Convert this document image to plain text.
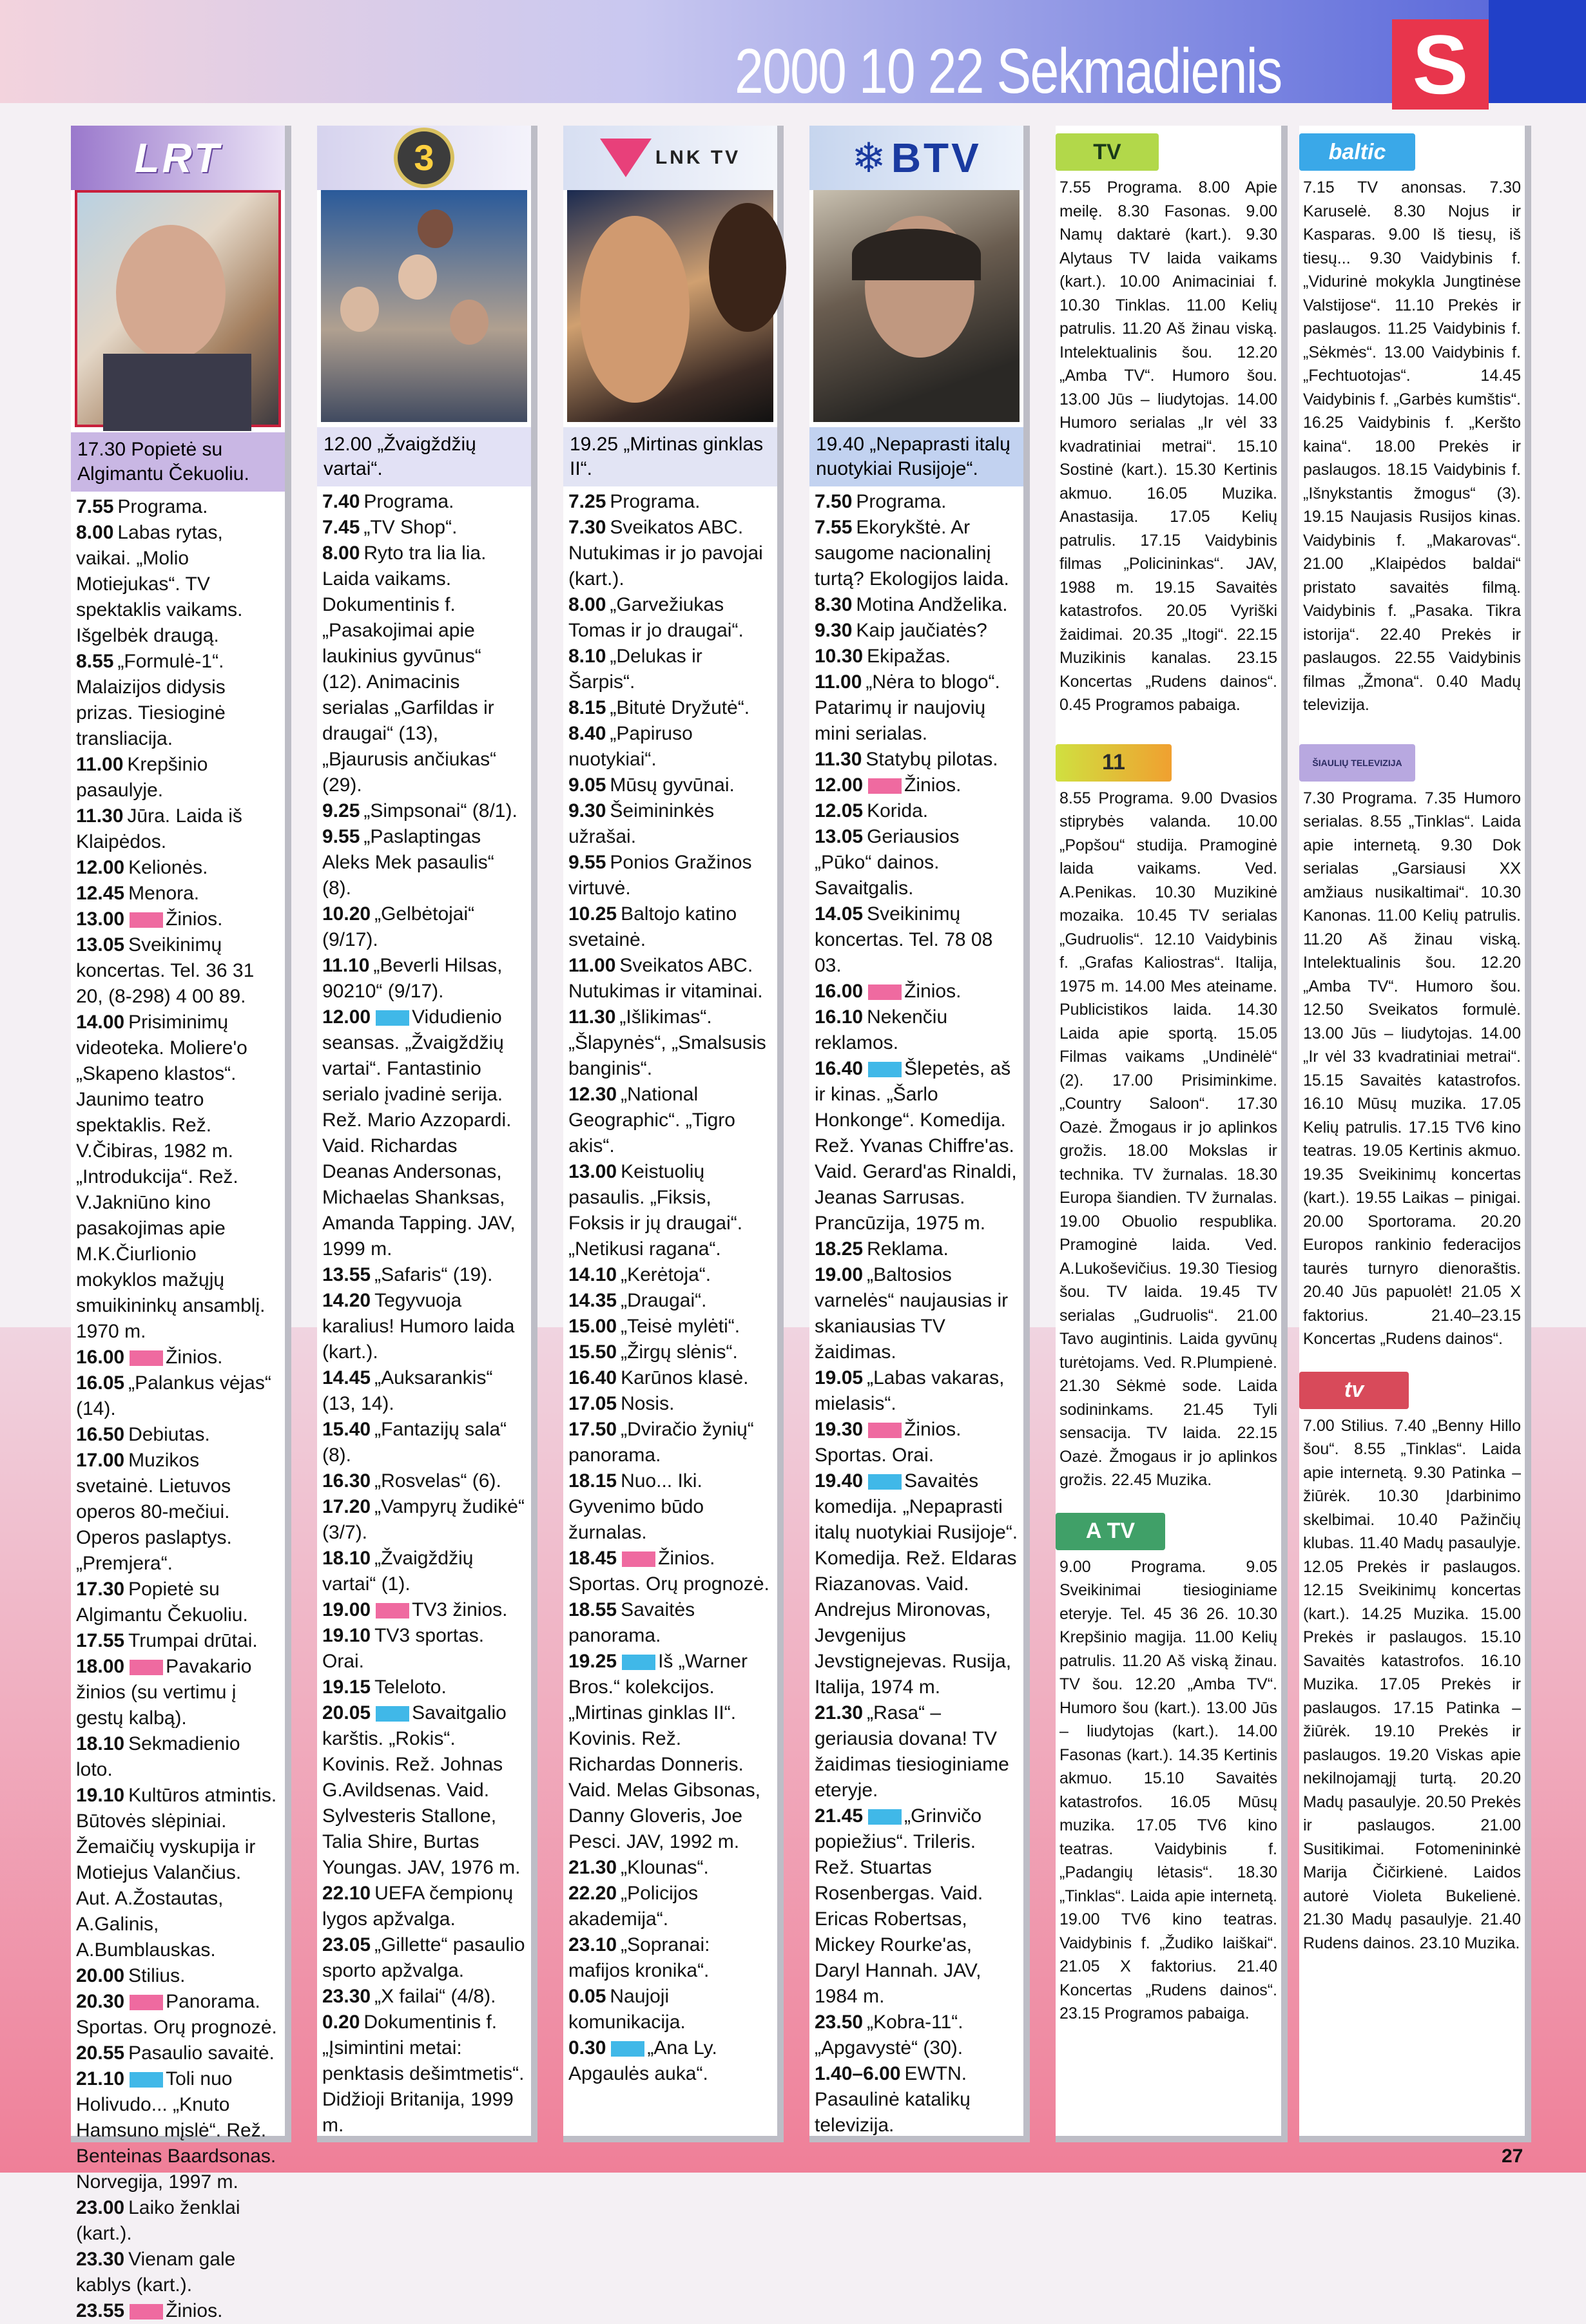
2000 10 22 Sekmadienis S
LRT
17.30 Popietė su Algimantu Čekuoliu.
7.55 Programa.
8.00 Labas rytas, vaikai. „Molio Motiejukas“. TV spektaklis vaikams. Išgelbėk draugą.
8.55 „Formulė-1“. Malaizijos didysis prizas. Tiesioginė transliacija.
11.00 Krepšinio pasaulyje.
11.30 Jūra. Laida iš Klaipėdos.
12.00 Kelionės.
12.45 Menora.
13.00 Žinios.
13.05 Sveikinimų koncertas. Tel. 36 31 20, (8-298) 4 00 89.
14.00 Prisiminimų videoteka. Moliere'o „Skapeno klastos“. Jaunimo teatro spektaklis. Rež. V.Čibiras, 1982 m. „Introdukcija“. Rež. V.Jakniūno kino pasakojimas apie M.K.Čiurlionio mokyklos mažųjų smuikininkų ansamblį. 1970 m.
16.00 Žinios.
16.05 „Palankus vėjas“ (14).
16.50 Debiutas.
17.00 Muzikos svetainė. Lietuvos operos 80-mečiui. Operos paslaptys. „Premjera“.
17.30 Popietė su Algimantu Čekuoliu.
17.55 Trumpai drūtai.
18.00 Pavakario žinios (su vertimu į gestų kalbą).
18.10 Sekmadienio loto.
19.10 Kultūros atmintis. Būtovės slėpiniai. Žemaičių vyskupija ir Motiejus Valančius. Aut. A.Žostautas, A.Galinis, A.Bumblauskas.
20.00 Stilius.
20.30 Panorama. Sportas. Orų prognozė.
20.55 Pasaulio savaitė.
21.10 Toli nuo Holivudo... „Knuto Hamsuno mįslė“. Rež. Benteinas Baardsonas. Norvegija, 1997 m.
23.00 Laiko ženklai (kart.).
23.30 Vienam gale kablys (kart.).
23.55 Žinios.
3
12.00 „Žvaigždžių vartai“.
7.40 Programa.
7.45 „TV Shop“.
8.00 Ryto tra lia lia. Laida vaikams. Dokumentinis f. „Pasakojimai apie laukinius gyvūnus“ (12). Animacinis serialas „Garfildas ir draugai“ (13), „Bjaurusis ančiukas“ (29).
9.25 „Simpsonai“ (8/1).
9.55 „Paslaptingas Aleks Mek pasaulis“ (8).
10.20 „Gelbėtojai“ (9/17).
11.10 „Beverli Hilsas, 90210“ (9/17).
12.00 Vidudienio seansas. „Žvaigždžių vartai“. Fantastinio serialo įvadinė serija. Rež. Mario Azzopardi. Vaid. Richardas Deanas Andersonas, Michaelas Shanksas, Amanda Tapping. JAV, 1999 m.
13.55 „Safaris“ (19).
14.20 Tegyvuoja karalius! Humoro laida (kart.).
14.45 „Auksarankis“ (13, 14).
15.40 „Fantazijų sala“ (8).
16.30 „Rosvelas“ (6).
17.20 „Vampyrų žudikė“ (3/7).
18.10 „Žvaigždžių vartai“ (1).
19.00 TV3 žinios.
19.10 TV3 sportas. Orai.
19.15 Teleloto.
20.05 Savaitgalio karštis. „Rokis“. Kovinis. Rež. Johnas G.Avildsenas. Vaid. Sylvesteris Stallone, Talia Shire, Burtas Youngas. JAV, 1976 m.
22.10 UEFA čempionų lygos apžvalga.
23.05 „Gillette“ pasaulio sporto apžvalga.
23.30 „X failai“ (4/8).
0.20 Dokumentinis f. „Įsimintini metai: penktasis dešimtmetis“. Didžioji Britanija, 1999 m.
LNK TV
19.25 „Mirtinas ginklas II“.
7.25 Programa.
7.30 Sveikatos ABC. Nutukimas ir jo pavojai (kart.).
8.00 „Garvežiukas Tomas ir jo draugai“.
8.10 „Delukas ir Šarpis“.
8.15 „Bitutė Dryžutė“.
8.40 „Papiruso nuotykiai“.
9.05 Mūsų gyvūnai.
9.30 Šeimininkės užrašai.
9.55 Ponios Gražinos virtuvė.
10.25 Baltojo katino svetainė.
11.00 Sveikatos ABC. Nutukimas ir vitaminai.
11.30 „Išlikimas“. „Šlapynės“, „Smalsusis banginis“.
12.30 „National Geographic“. „Tigro akis“.
13.00 Keistuolių pasaulis. „Fiksis, Foksis ir jų draugai“. „Netikusi ragana“.
14.10 „Kerėtoja“.
14.35 „Draugai“.
15.00 „Teisė mylėti“.
15.50 „Žirgų slėnis“.
16.40 Karūnos klasė.
17.05 Nosis.
17.50 „Dviračio žynių“ panorama.
18.15 Nuo... Iki. Gyvenimo būdo žurnalas.
18.45 Žinios. Sportas. Orų prognozė.
18.55 Savaitės panorama.
19.25 Iš „Warner Bros.“ kolekcijos. „Mirtinas ginklas II“. Kovinis. Rež. Richardas Donneris. Vaid. Melas Gibsonas, Danny Gloveris, Joe Pesci. JAV, 1992 m.
21.30 „Klounas“.
22.20 „Policijos akademija“.
23.10 „Sopranai: mafijos kronika“.
0.05 Naujoji komunikacija.
0.30 „Ana Ly. Apgaulės auka“.
❄ BTV
19.40 „Nepaprasti italų nuotykiai Rusijoje“.
7.50 Programa.
7.55 Ekorykštė. Ar saugome nacionalinį turtą? Ekologijos laida.
8.30 Motina Andželika.
9.30 Kaip jaučiatės?
10.30 Ekipažas.
11.00 „Nėra to blogo“. Patarimų ir naujovių mini serialas.
11.30 Statybų pilotas.
12.00 Žinios.
12.05 Korida.
13.05 Geriausios „Pūko“ dainos. Savaitgalis.
14.05 Sveikinimų koncertas. Tel. 78 08 03.
16.00 Žinios.
16.10 Nekenčiu reklamos.
16.40 Šlepetės, aš ir kinas. „Šarlo Honkonge“. Komedija. Rež. Yvanas Chiffre'as. Vaid. Gerard'as Rinaldi, Jeanas Sarrusas. Prancūzija, 1975 m.
18.25 Reklama.
19.00 „Baltosios varnelės“ naujausias ir skaniausias TV žaidimas.
19.05 „Labas vakaras, mielasis“.
19.30 Žinios. Sportas. Orai.
19.40 Savaitės komedija. „Nepaprasti italų nuotykiai Rusijoje“. Komedija. Rež. Eldaras Riazanovas. Vaid. Andrejus Mironovas, Jevgenijus Jevstignejevas. Rusija, Italija, 1974 m.
21.30 „Rasa“ – geriausia dovana! TV žaidimas tiesioginiame eteryje.
21.45 „Grinvičo popiežius“. Trileris. Rež. Stuartas Rosenbergas. Vaid. Ericas Robertsas, Mickey Rourke'as, Daryl Hannah. JAV, 1984 m.
23.50 „Kobra-11“. „Apgavystė“ (30).
1.40–6.00 EWTN. Pasaulinė katalikų televizija.
TV
7.55 Programa. 8.00 Apie meilę. 8.30 Fasonas. 9.00 Namų daktarė (kart.). 9.30 Alytaus TV laida vaikams (kart.). 10.00 Animaciniai f. 10.30 Tinklas. 11.00 Kelių patrulis. 11.20 Aš žinau viską. Intelektualinis šou. 12.20 „Amba TV“. Humoro šou. 13.00 Jūs – liudytojas. 14.00 Humoro serialas „Ir vėl 33 kvadratiniai metrai“. 15.10 Sostinė (kart.). 15.30 Kertinis akmuo. 16.05 Muzika. Anastasija. 17.05 Kelių patrulis. 17.15 Vaidybinis filmas „Policininkas“. JAV, 1988 m. 19.15 Savaitės katastrofos. 20.05 Vyriški žaidimai. 20.35 „Itogi“. 22.15 Muzikinis kanalas. 23.15 Koncertas „Rudens dainos“. 0.45 Programos pabaiga.
11
8.55 Programa. 9.00 Dvasios stiprybės valanda. 10.00 „Popšou“ studija. Pramoginė laida vaikams. Ved. A.Penikas. 10.30 Muzikinė mozaika. 10.45 TV serialas „Gudruolis“. 12.10 Vaidybinis f. „Grafas Kaliostras“. Italija, 1975 m. 14.00 Mes ateiname. Publicistikos laida. 14.30 Laida apie sportą. 15.05 Filmas vaikams „Undinėlė“ (2). 17.00 Prisiminkime. „Country Saloon“. 17.30 Oazė. Žmogaus ir jo aplinkos grožis. 18.00 Mokslas ir technika. TV žurnalas. 18.30 Europa šiandien. TV žurnalas. 19.00 Obuolio respublika. Pramoginė laida. Ved. A.Lukoševičius. 19.30 Tiesiog šou. TV laida. 19.45 TV serialas „Gudruolis“. 21.00 Tavo augintinis. Laida gyvūnų turėtojams. Ved. R.Plumpienė. 21.30 Sėkmė sode. Laida sodininkams. 21.45 Tyli sensacija. TV laida. 22.15 Oazė. Žmogaus ir jo aplinkos grožis. 22.45 Muzika.
A TV
9.00 Programa. 9.05 Sveikinimai tiesioginiame eteryje. Tel. 45 36 26. 10.30 Krepšinio magija. 11.00 Kelių patrulis. 11.20 Aš viską žinau. TV šou. 12.20 „Amba TV“. Humoro šou (kart.). 13.00 Jūs – liudytojas (kart.). 14.00 Fasonas (kart.). 14.35 Kertinis akmuo. 15.10 Savaitės katastrofos. 16.05 Mūsų muzika. 17.05 TV6 kino teatras. Vaidybinis f. „Padangių lėtasis“. 18.30 „Tinklas“. Laida apie internetą. 19.00 TV6 kino teatras. Vaidybinis f. „Žudiko laiškai“. 21.05 X faktorius. 21.40 Koncertas „Rudens dainos“. 23.15 Programos pabaiga.
baltic
7.15 TV anonsas. 7.30 Karuselė. 8.30 Nojus ir Kasparas. 9.00 Iš tiesų, iš tiesų... 9.30 Vaidybinis f. „Vidurinė mokykla Jungtinėse Valstijose“. 11.10 Prekės ir paslaugos. 11.25 Vaidybinis f. „Sėkmės“. 13.00 Vaidybinis f. „Fechtuotojas“. 14.45 Vaidybinis f. „Garbės kumštis“. 16.25 Vaidybinis f. „Keršto kaina“. 18.00 Prekės ir paslaugos. 18.15 Vaidybinis f. „Išnykstantis žmogus“ (3). 19.15 Naujasis Rusijos kinas. Vaidybinis f. „Makarovas“. 21.00 „Klaipėdos baldai“ pristato savaitės filmą. Vaidybinis f. „Pasaka. Tikra istorija“. 22.40 Prekės ir paslaugos. 22.55 Vaidybinis filmas „Žmona“. 0.40 Madų televizija.
ŠIAULIŲ TELEVIZIJA
7.30 Programa. 7.35 Humoro serialas. 8.55 „Tinklas“. Laida apie internetą. 9.30 Dok serialas „Garsiausi XX amžiaus nusikaltimai“. 10.30 Kanonas. 11.00 Kelių patrulis. 11.20 Aš žinau viską. Intelektualinis šou. 12.20 „Amba TV“. Humoro šou. 12.50 Sveikatos formulė. 13.00 Jūs – liudytojas. 14.00 „Ir vėl 33 kvadratiniai metrai“. 15.15 Savaitės katastrofos. 16.10 Mūsų muzika. 17.05 Kelių patrulis. 17.15 TV6 kino teatras. 19.05 Kertinis akmuo. 19.35 Sveikinimų koncertas (kart.). 19.55 Laikas – pinigai. 20.00 Sportorama. 20.20 Europos rankinio federacijos taurės turnyro dienoraštis. 20.40 Jūs papuolėt! 21.05 X faktorius. 21.40–23.15 Koncertas „Rudens dainos“.
tv
7.00 Stilius. 7.40 „Benny Hillo šou“. 8.55 „Tinklas“. Laida apie internetą. 9.30 Patinka – žiūrėk. 10.30 Įdarbinimo skelbimai. 10.40 Pažinčių klubas. 11.40 Madų pasaulyje. 12.05 Prekės ir paslaugos. 12.15 Sveikinimų koncertas (kart.). 14.25 Muzika. 15.00 Prekės ir paslaugos. 15.10 Savaitės katastrofos. 16.10 Muzika. 17.05 Prekės ir paslaugos. 17.15 Patinka – žiūrėk. 19.10 Prekės ir paslaugos. 19.20 Viskas apie nekilnojamąjį turtą. 20.20 Madų pasaulyje. 20.50 Prekės ir paslaugos. 21.00 Susitikimai. Fotomenininkė Marija Čičirkienė. Laidos autorė Violeta Bukelienė. 21.30 Madų pasaulyje. 21.40 Rudens dainos. 23.10 Muzika.
27
